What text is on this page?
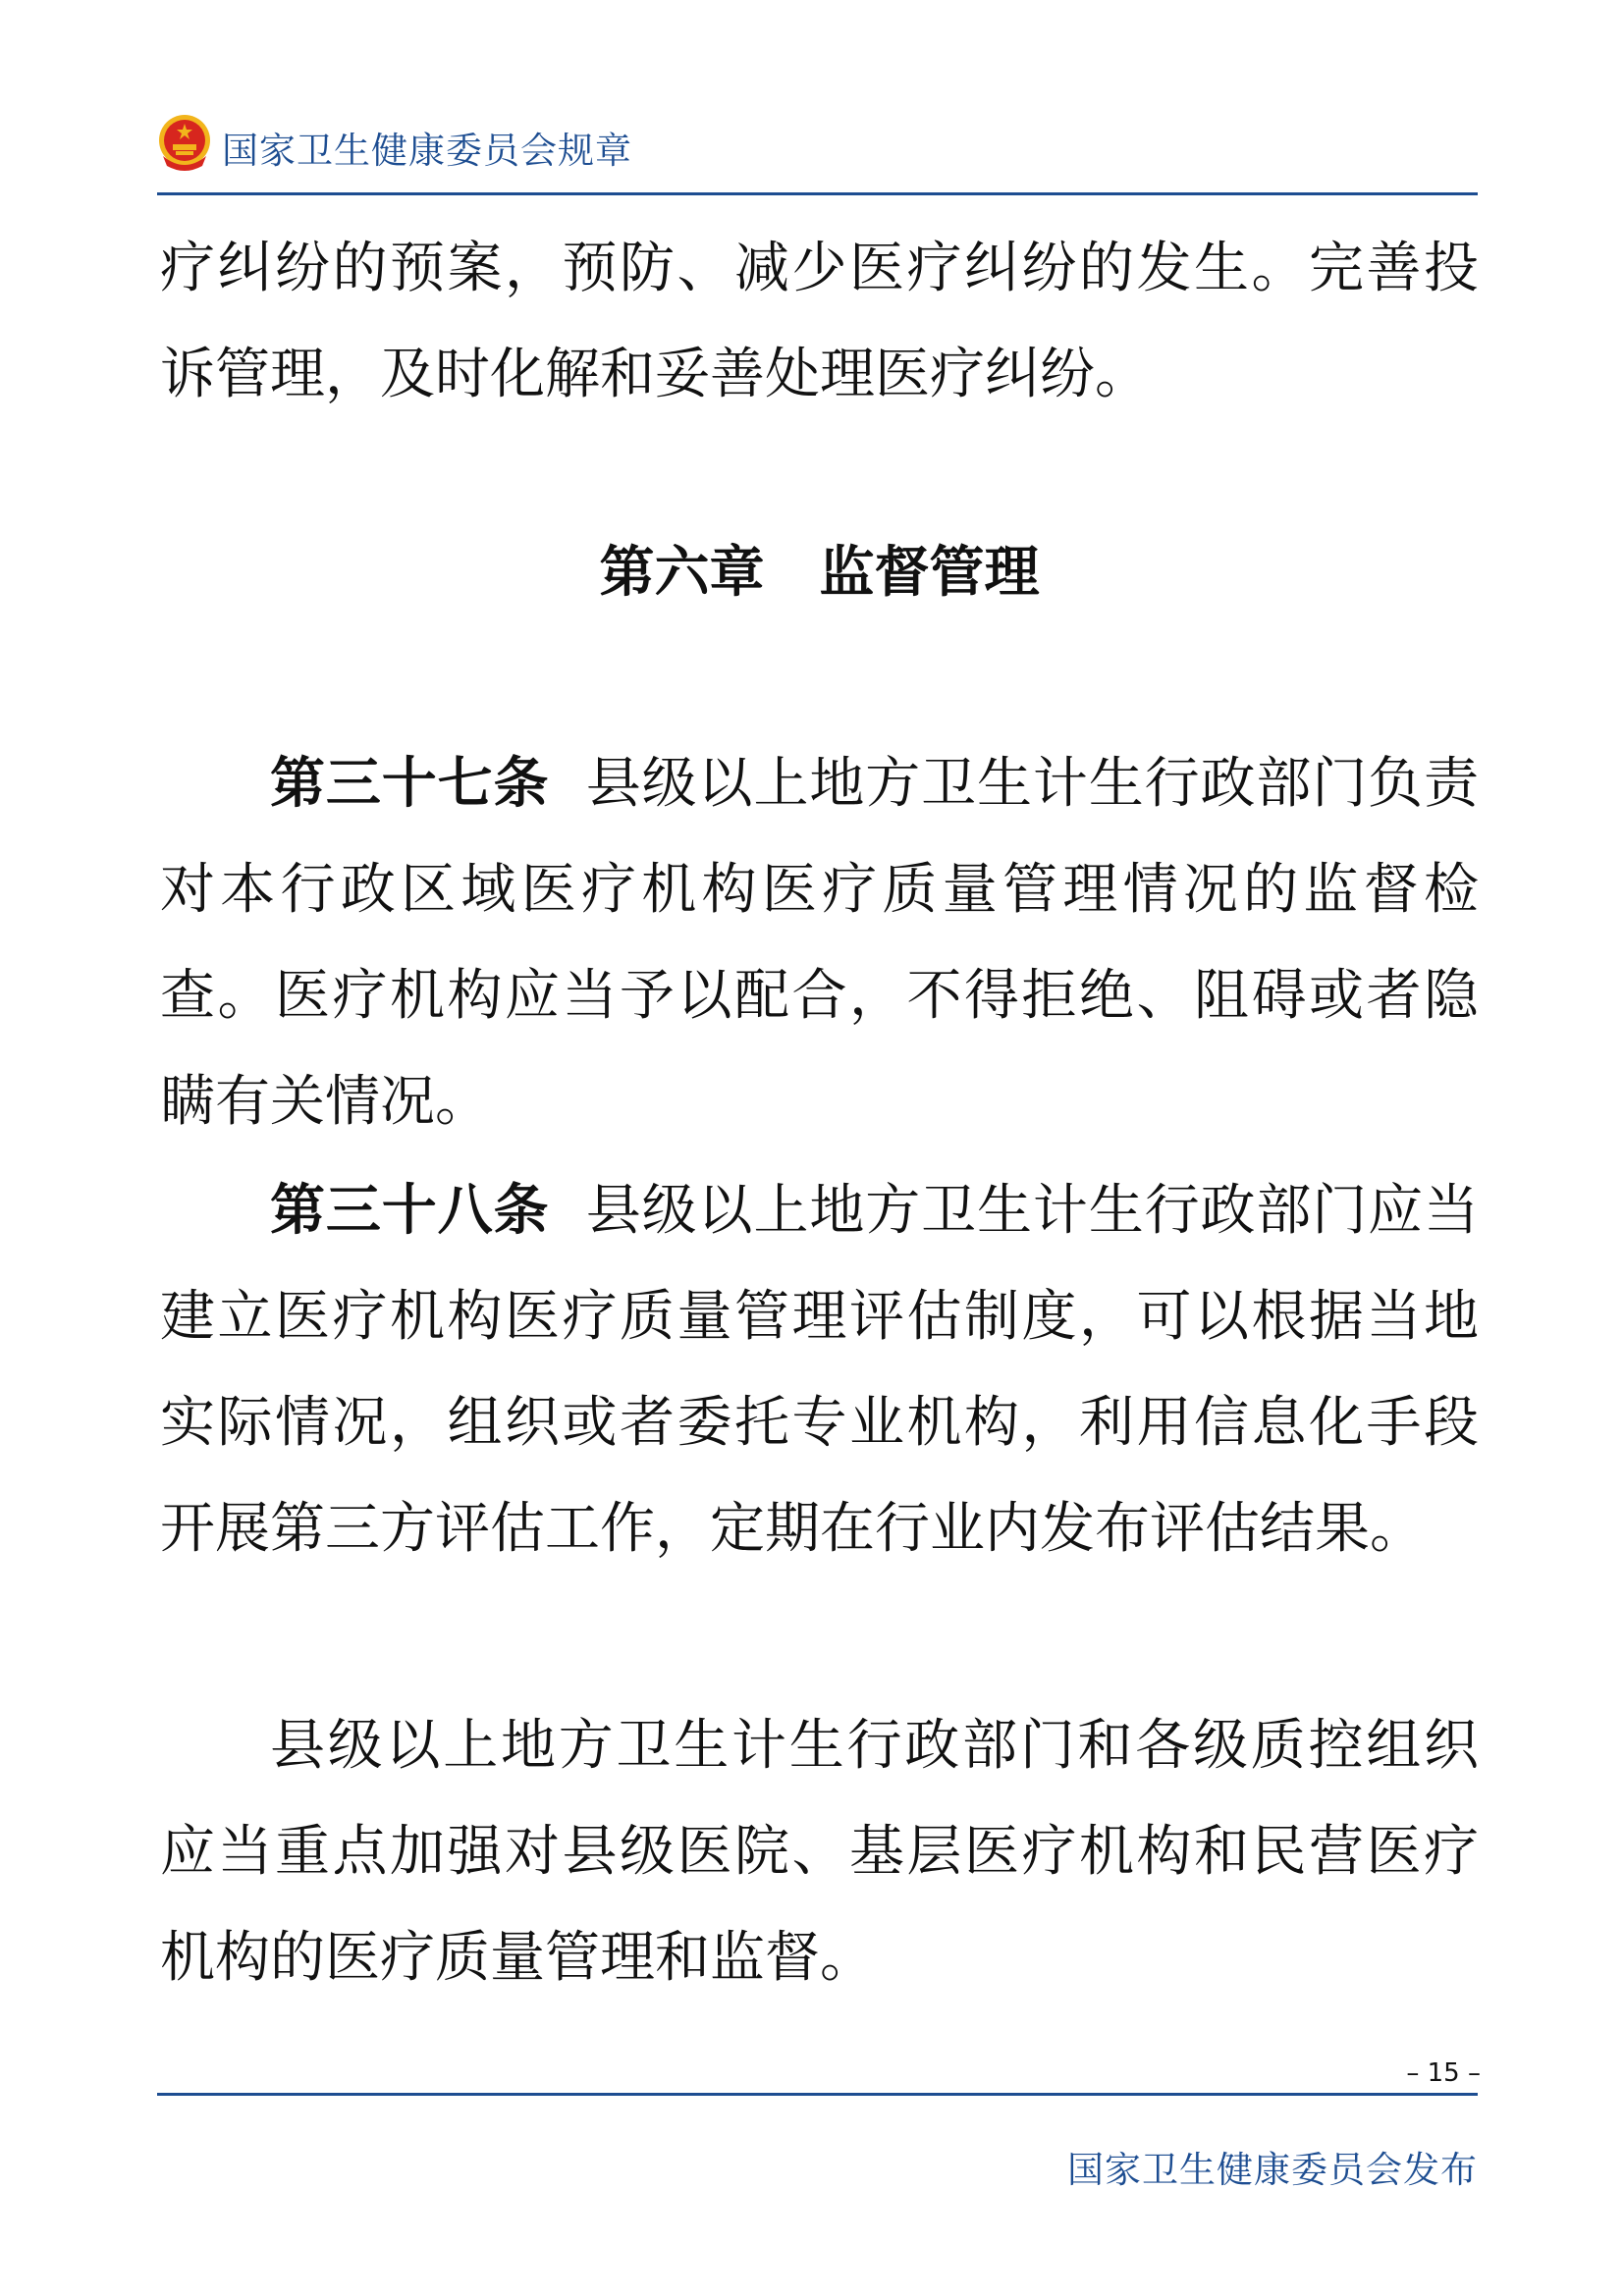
国家卫生健康委员会规章

疗纠纷的预案，预防、减少医疗纠纷的发生。完善投诉管理，及时化解和妥善处理医疗纠纷。

第六章　监督管理

第三十七条 县级以上地方卫生计生行政部门负责对本行政区域医疗机构医疗质量管理情况的监督检查。医疗机构应当予以配合，不得拒绝、阻碍或者隐瞒有关情况。

第三十八条 县级以上地方卫生计生行政部门应当建立医疗机构医疗质量管理评估制度，可以根据当地实际情况，组织或者委托专业机构，利用信息化手段开展第三方评估工作，定期在行业内发布评估结果。

县级以上地方卫生计生行政部门和各级质控组织应当重点加强对县级医院、基层医疗机构和民营医疗机构的医疗质量管理和监督。

– 15 –
国家卫生健康委员会发布
